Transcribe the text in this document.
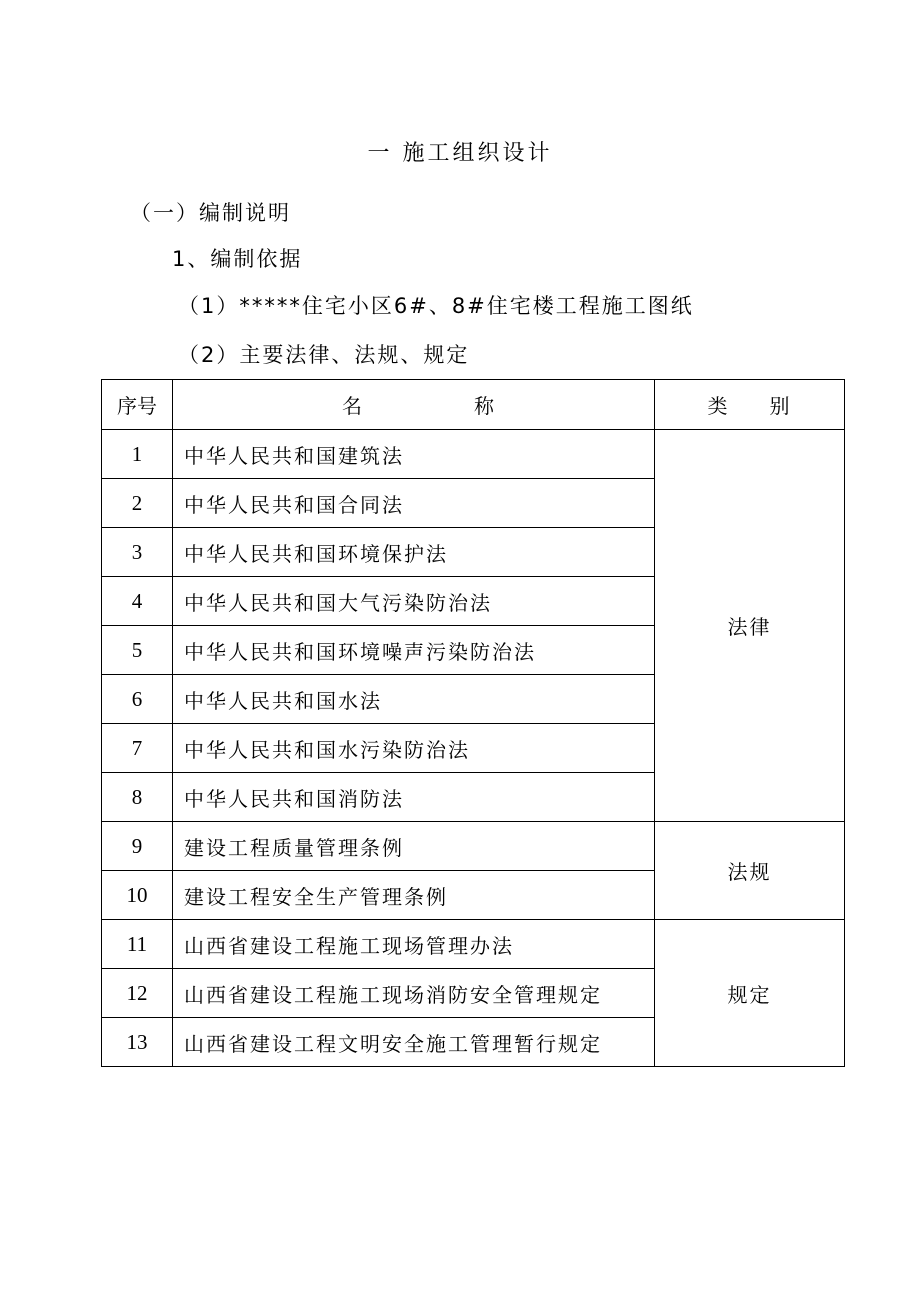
一 施工组织设计
（一）编制说明
1、编制依据
（1）*****住宅小区6#、8#住宅楼工程施工图纸
（2）主要法律、法规、规定
序号	名 称	类 别
1	中华人民共和国建筑法	法律
2	中华人民共和国合同法	
3	中华人民共和国环境保护法	
4	中华人民共和国大气污染防治法	
5	中华人民共和国环境噪声污染防治法	
6	中华人民共和国水法	
7	中华人民共和国水污染防治法	
8	中华人民共和国消防法	
9	建设工程质量管理条例	法规
10	建设工程安全生产管理条例	
11	山西省建设工程施工现场管理办法	规定
12	山西省建设工程施工现场消防安全管理规定	
13	山西省建设工程文明安全施工管理暂行规定	
